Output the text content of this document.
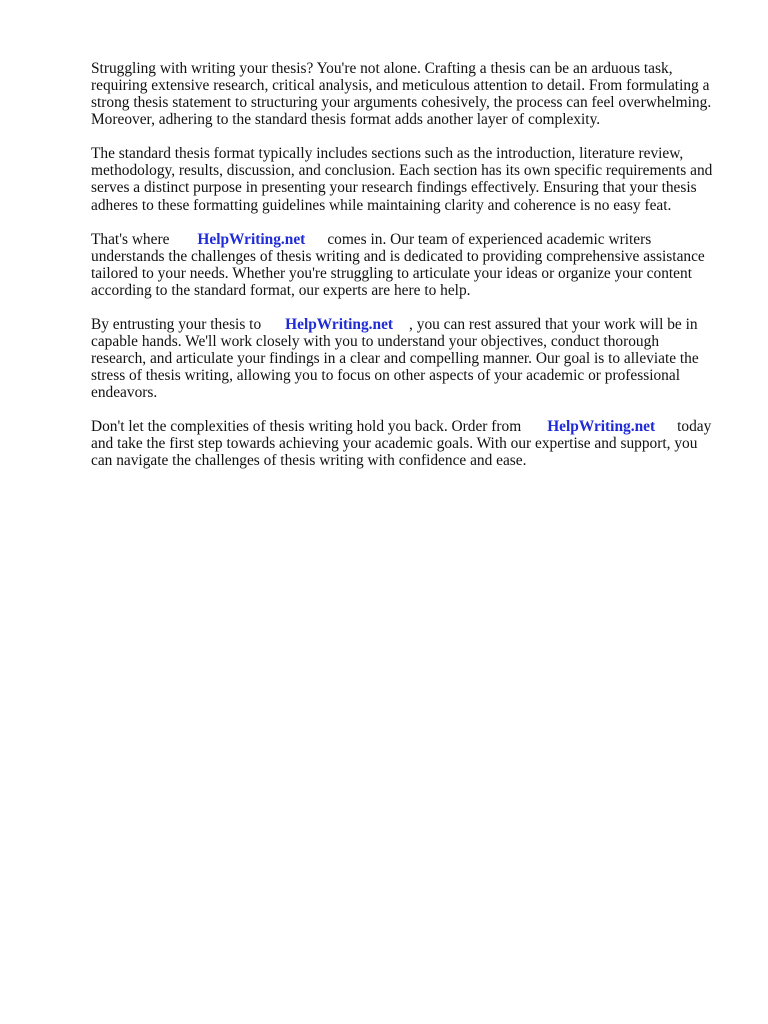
Struggling with writing your thesis? You're not alone. Crafting a thesis can be an arduous task,
requiring extensive research, critical analysis, and meticulous attention to detail. From formulating a
strong thesis statement to structuring your arguments cohesively, the process can feel overwhelming.
Moreover, adhering to the standard thesis format adds another layer of complexity.
The standard thesis format typically includes sections such as the introduction, literature review,
methodology, results, discussion, and conclusion. Each section has its own specific requirements and
serves a distinct purpose in presenting your research findings effectively. Ensuring that your thesis
adheres to these formatting guidelines while maintaining clarity and coherence is no easy feat.
That's where HelpWriting.net comes in. Our team of experienced academic writers
understands the challenges of thesis writing and is dedicated to providing comprehensive assistance
tailored to your needs. Whether you're struggling to articulate your ideas or organize your content
according to the standard format, our experts are here to help.
By entrusting your thesis to HelpWriting.net , you can rest assured that your work will be in
capable hands. We'll work closely with you to understand your objectives, conduct thorough
research, and articulate your findings in a clear and compelling manner. Our goal is to alleviate the
stress of thesis writing, allowing you to focus on other aspects of your academic or professional
endeavors.
Don't let the complexities of thesis writing hold you back. Order from HelpWriting.net today
and take the first step towards achieving your academic goals. With our expertise and support, you
can navigate the challenges of thesis writing with confidence and ease.
